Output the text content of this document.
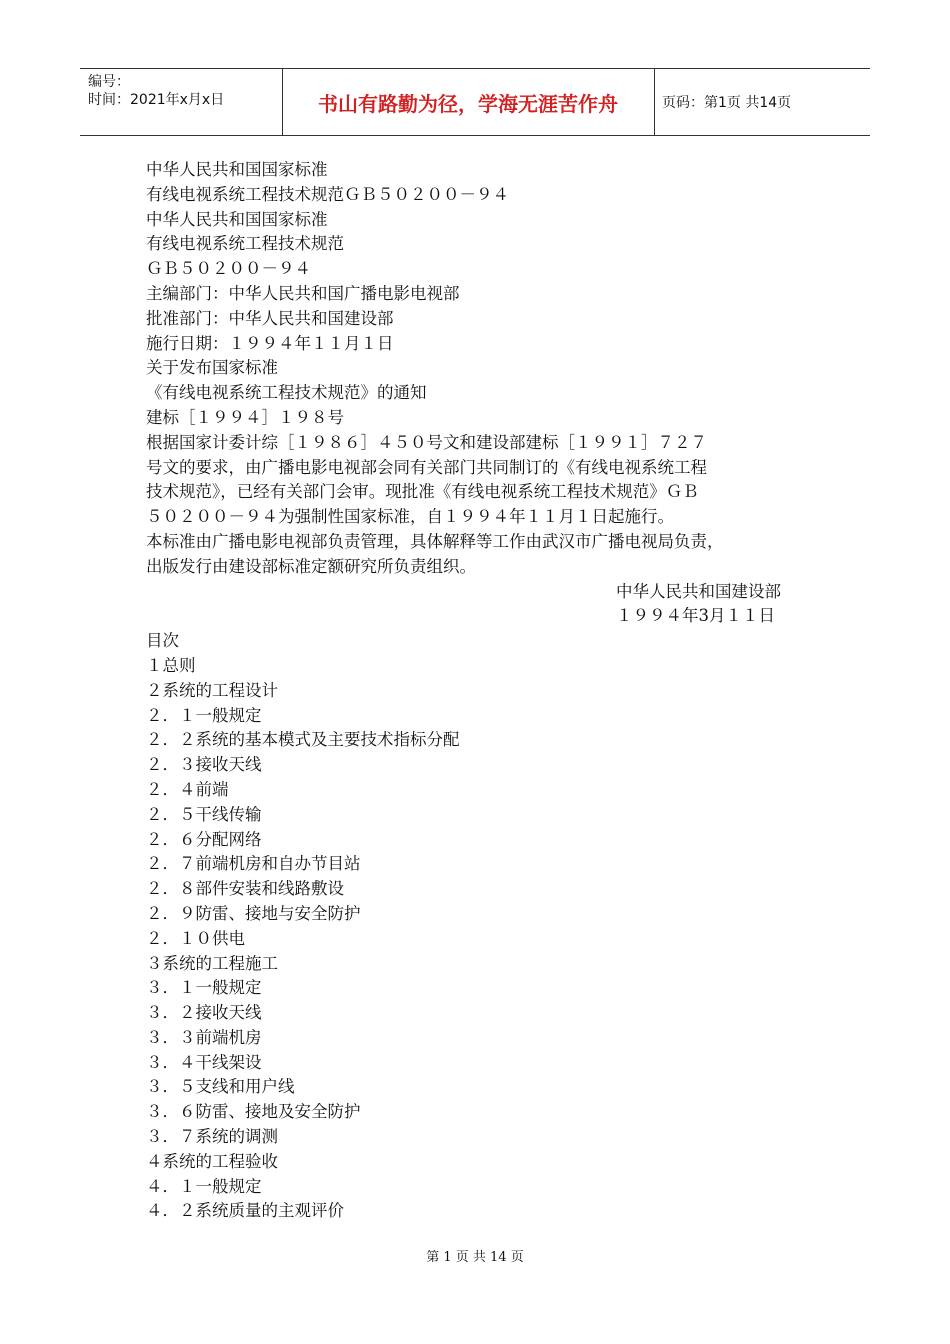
编号：
时间：2021年x月x日	书山有路勤为径，学海无涯苦作舟	页码：第1页 共14页

中华人民共和国国家标准

有线电视系统工程技术规范ＧＢ５０２００－９４

中华人民共和国国家标准

有线电视系统工程技术规范

ＧＢ５０２００－９４

主编部门：中华人民共和国广播电影电视部

批准部门：中华人民共和国建设部

施行日期：１９９４年１１月１日

关于发布国家标准

《有线电视系统工程技术规范》的通知

建标［１９９４］１９８号

根据国家计委计综［１９８６］４５０号文和建设部建标［１９９１］７２７

号文的要求，由广播电影电视部会同有关部门共同制订的《有线电视系统工程

技术规范》，已经有关部门会审。现批准《有线电视系统工程技术规范》ＧＢ

５０２００－９４为强制性国家标准，自１９９４年１１月１日起施行。

本标准由广播电影电视部负责管理，具体解释等工作由武汉市广播电视局负责，

出版发行由建设部标准定额研究所负责组织。

中华人民共和国建设部

１９９４年3月１１日

目次

１总则

２系统的工程设计

２．１一般规定

２．２系统的基本模式及主要技术指标分配

２．３接收天线

２．４前端

２．５干线传输

２．６分配网络

２．７前端机房和自办节目站

２．８部件安装和线路敷设

２．９防雷、接地与安全防护

２．１０供电

３系统的工程施工

３．１一般规定

３．２接收天线

３．３前端机房

３．４干线架设

３．５支线和用户线

３．６防雷、接地及安全防护

３．７系统的调测

４系统的工程验收

４．１一般规定

４．２系统质量的主观评价

第 1 页 共 14 页
